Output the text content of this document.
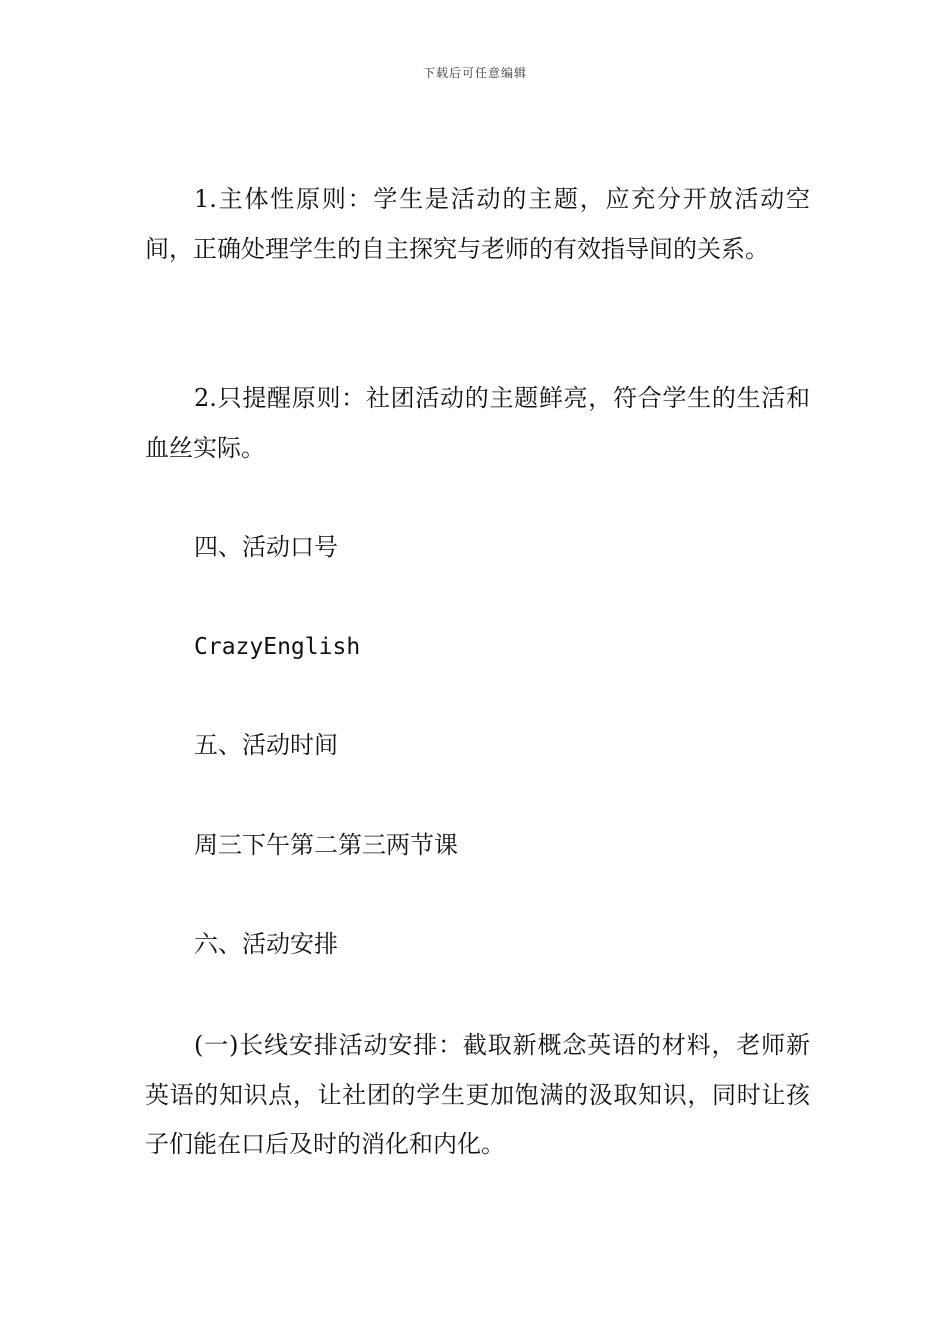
下载后可任意编辑

1.主体性原则：学生是活动的主题，应充分开放活动空间，正确处理学生的自主探究与老师的有效指导间的关系。

2.只提醒原则：社团活动的主题鲜亮，符合学生的生活和血丝实际。

四、活动口号

CrazyEnglish

五、活动时间

周三下午第二第三两节课

六、活动安排

(一)长线安排活动安排：截取新概念英语的材料，老师新英语的知识点，让社团的学生更加饱满的汲取知识，同时让孩子们能在口后及时的消化和内化。
